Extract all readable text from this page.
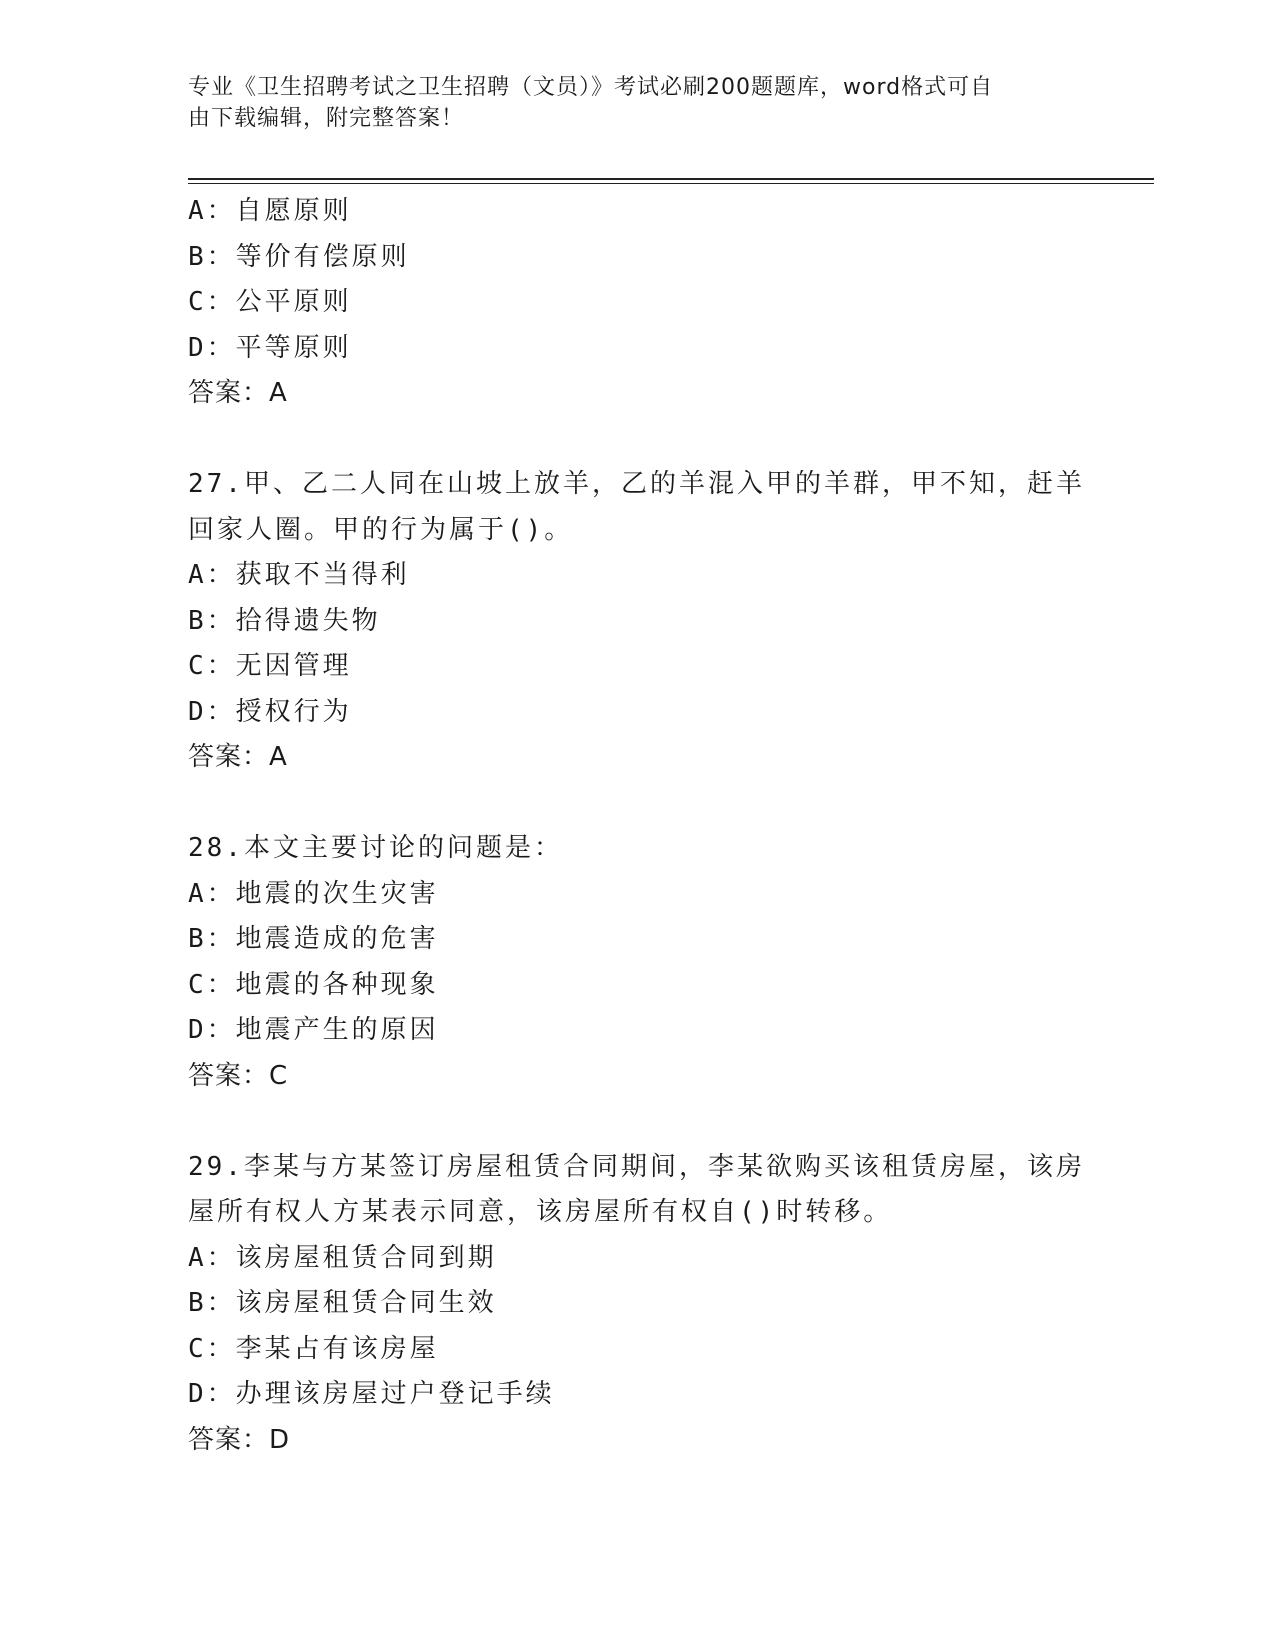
专业《卫生招聘考试之卫生招聘（文员）》考试必刷200题题库，word格式可自
由下载编辑，附完整答案！
A：自愿原则
B：等价有偿原则
C：公平原则
D：平等原则
答案：A
27.甲、乙二人同在山坡上放羊，乙的羊混入甲的羊群，甲不知，赶羊
回家人圈。甲的行为属于()。
A：获取不当得利
B：拾得遗失物
C：无因管理
D：授权行为
答案：A
28.本文主要讨论的问题是：
A：地震的次生灾害
B：地震造成的危害
C：地震的各种现象
D：地震产生的原因
答案：C
29.李某与方某签订房屋租赁合同期间，李某欲购买该租赁房屋，该房
屋所有权人方某表示同意，该房屋所有权自()时转移。
A：该房屋租赁合同到期
B：该房屋租赁合同生效
C：李某占有该房屋
D：办理该房屋过户登记手续
答案：D
